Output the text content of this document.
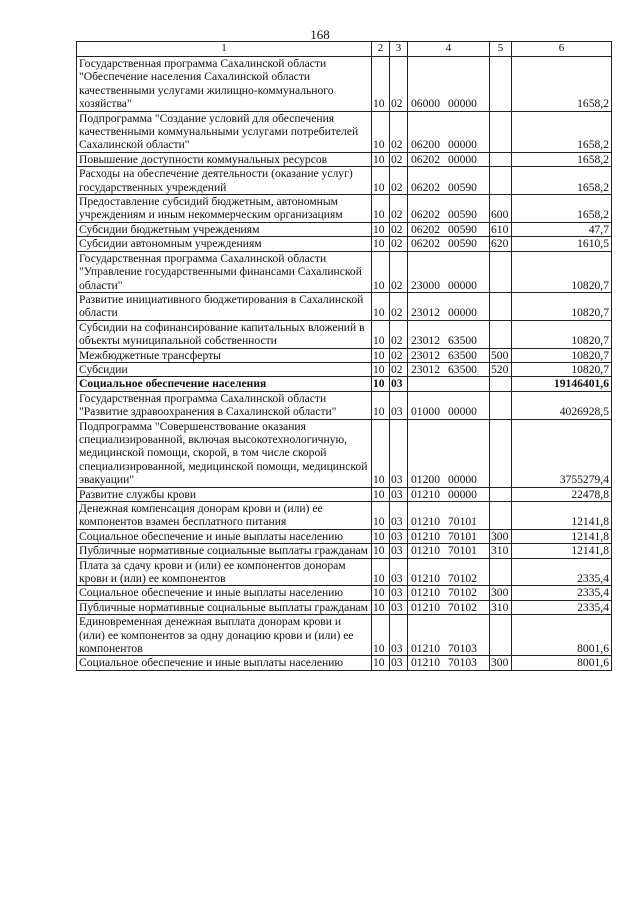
168
1	2	3	4	5	6
Государственная программа Сахалинской области "Обеспечение населения Сахалинской области качественными услугами жилищно-коммунального хозяйства"	10	02	06000 00000		1658,2
Подпрограмма "Создание условий для обеспечения качественными коммунальными услугами потребителей Сахалинской области"	10	02	06200 00000		1658,2
Повышение доступности коммунальных ресурсов	10	02	06202 00000		1658,2
Расходы на обеспечение деятельности (оказание услуг) государственных учреждений	10	02	06202 00590		1658,2
Предоставление субсидий бюджетным, автономным учреждениям и иным некоммерческим организациям	10	02	06202 00590	600	1658,2
Субсидии бюджетным учреждениям	10	02	06202 00590	610	47,7
Субсидии автономным учреждениям	10	02	06202 00590	620	1610,5
Государственная программа Сахалинской области "Управление государственными финансами Сахалинской области"	10	02	23000 00000		10820,7
Развитие инициативного бюджетирования в Сахалинской области	10	02	23012 00000		10820,7
Субсидии на софинансирование капитальных вложений в объекты муниципальной собственности	10	02	23012 63500		10820,7
Межбюджетные трансферты	10	02	23012 63500	500	10820,7
Субсидии	10	02	23012 63500	520	10820,7
Социальное обеспечение населения	10	03			19146401,6
Государственная программа Сахалинской области "Развитие здравоохранения в Сахалинской области"	10	03	01000 00000		4026928,5
Подпрограмма "Совершенствование оказания специализированной, включая высокотехнологичную, медицинской помощи, скорой, в том числе скорой специализированной, медицинской помощи, медицинской эвакуации"	10	03	01200 00000		3755279,4
Развитие службы крови	10	03	01210 00000		22478,8
Денежная компенсация донорам крови и (или) ее компонентов взамен бесплатного питания	10	03	01210 70101		12141,8
Социальное обеспечение и иные выплаты населению	10	03	01210 70101	300	12141,8
Публичные нормативные социальные выплаты гражданам	10	03	01210 70101	310	12141,8
Плата за сдачу крови и (или) ее компонентов донорам крови и (или) ее компонентов	10	03	01210 70102		2335,4
Социальное обеспечение и иные выплаты населению	10	03	01210 70102	300	2335,4
Публичные нормативные социальные выплаты гражданам	10	03	01210 70102	310	2335,4
Единовременная денежная выплата донорам крови и (или) ее компонентов за одну донацию крови и (или) ее компонентов	10	03	01210 70103		8001,6
Социальное обеспечение и иные выплаты населению	10	03	01210 70103	300	8001,6
